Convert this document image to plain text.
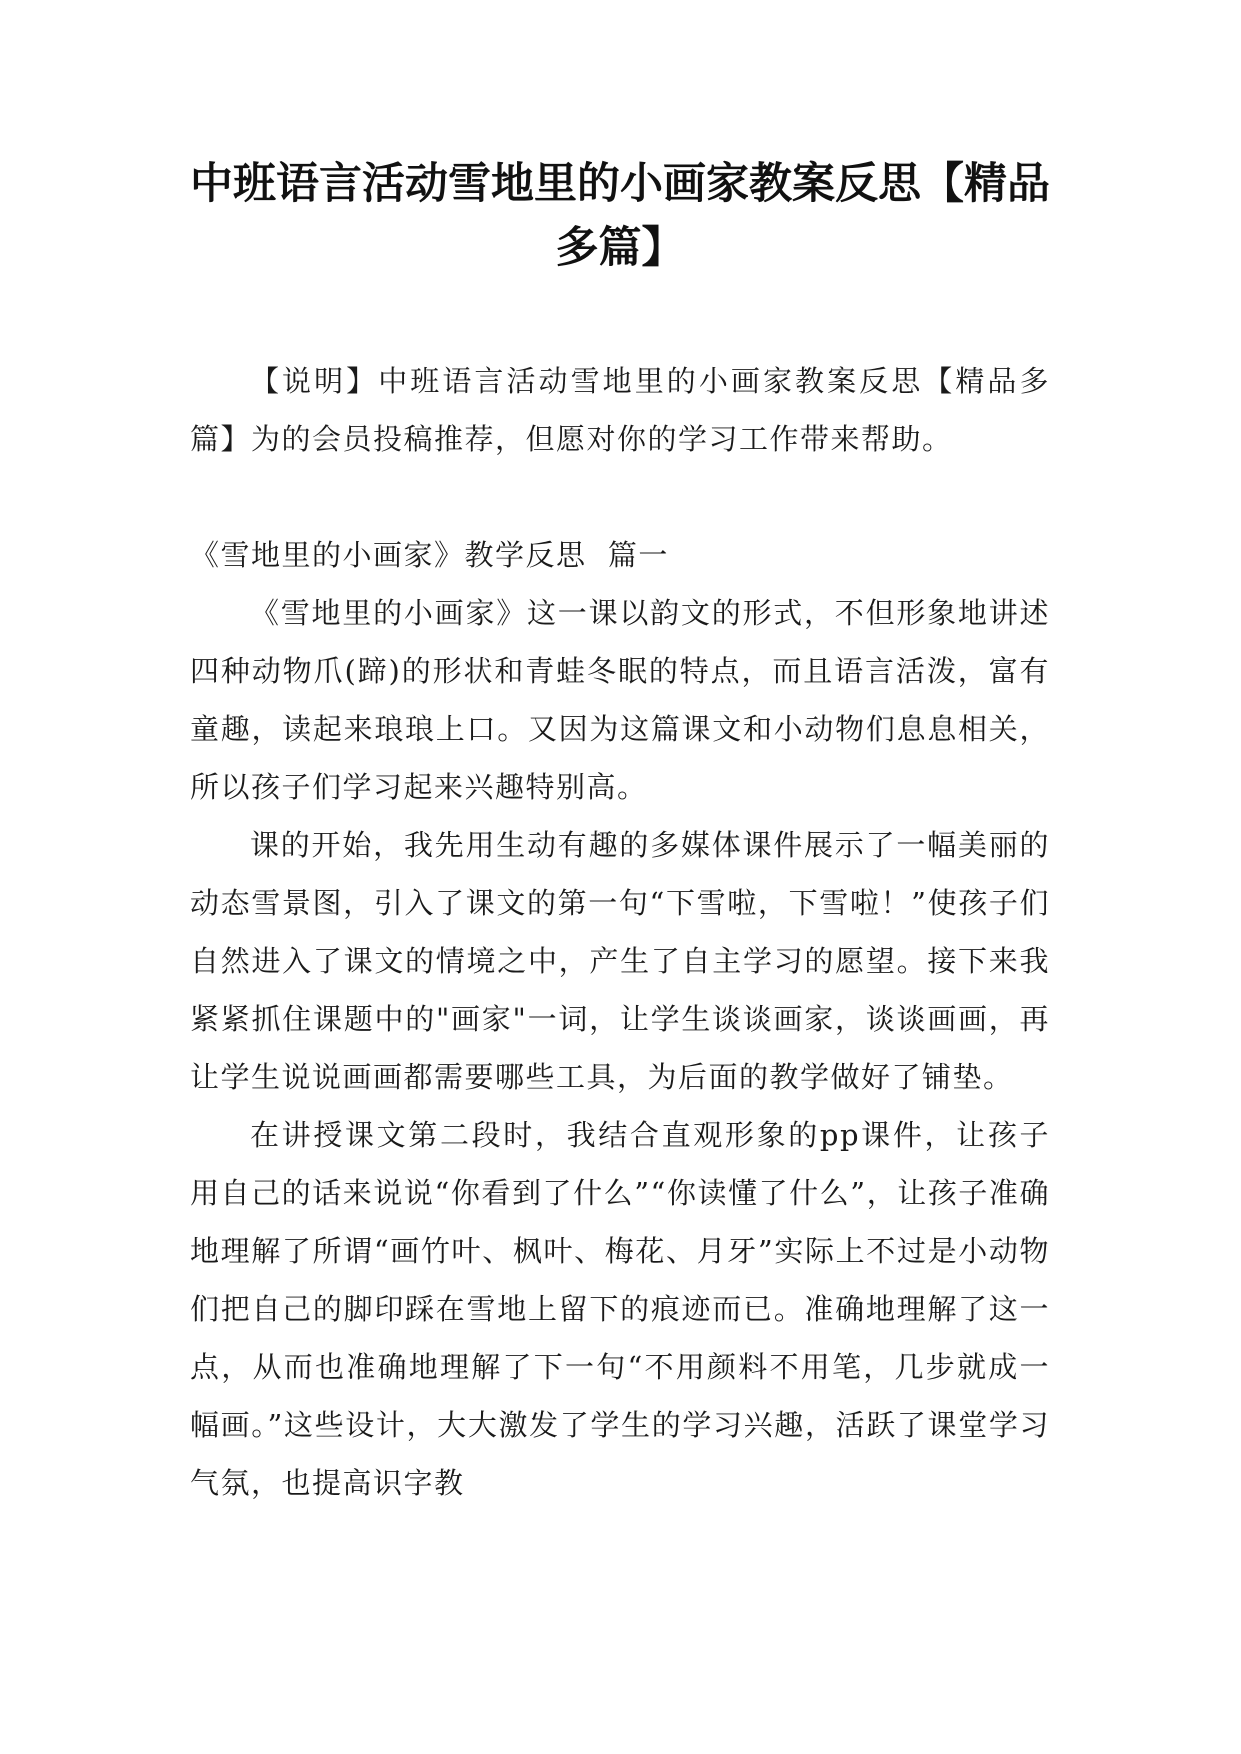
中班语言活动雪地里的小画家教案反思【精品多篇】

【说明】中班语言活动雪地里的小画家教案反思【精品多篇】为的会员投稿推荐，但愿对你的学习工作带来帮助。

《雪地里的小画家》教学反思  篇一

《雪地里的小画家》这一课以韵文的形式，不但形象地讲述四种动物爪(蹄)的形状和青蛙冬眠的特点，而且语言活泼，富有童趣，读起来琅琅上口。又因为这篇课文和小动物们息息相关，所以孩子们学习起来兴趣特别高。

课的开始，我先用生动有趣的多媒体课件展示了一幅美丽的动态雪景图，引入了课文的第一句“下雪啦，下雪啦！”使孩子们自然进入了课文的情境之中，产生了自主学习的愿望。接下来我紧紧抓住课题中的"画家"一词，让学生谈谈画家，谈谈画画，再让学生说说画画都需要哪些工具，为后面的教学做好了铺垫。

在讲授课文第二段时，我结合直观形象的pp课件，让孩子用自己的话来说说“你看到了什么”“你读懂了什么”，让孩子准确地理解了所谓“画竹叶、枫叶、梅花、月牙”实际上不过是小动物们把自己的脚印踩在雪地上留下的痕迹而已。准确地理解了这一点，从而也准确地理解了下一句“不用颜料不用笔，几步就成一幅画。”这些设计，大大激发了学生的学习兴趣，活跃了课堂学习气氛，也提高识字教
